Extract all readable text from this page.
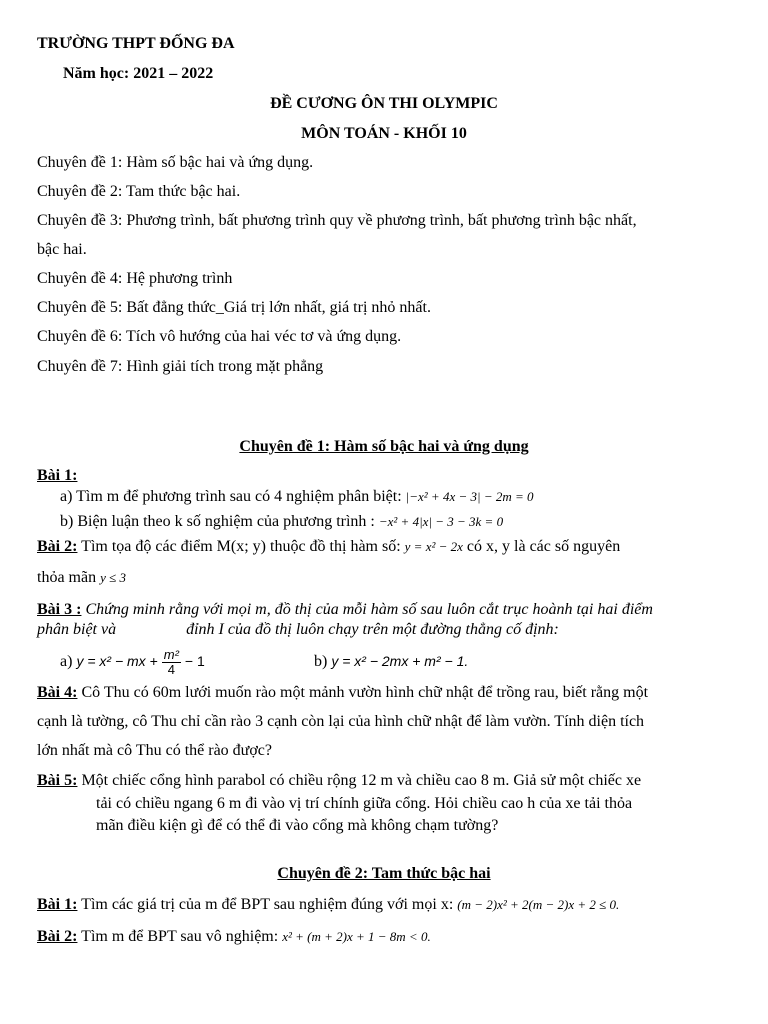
TRƯỜNG THPT ĐỐNG ĐA
Năm học: 2021 – 2022
ĐỀ CƯƠNG ÔN THI OLYMPIC
MÔN TOÁN - KHỐI 10
Chuyên đề 1: Hàm số bậc hai và ứng dụng.
Chuyên đề 2: Tam thức bậc hai.
Chuyên đề 3: Phương trình, bất phương trình quy về phương trình, bất phương trình bậc nhất,
bậc hai.
Chuyên đề 4: Hệ phương trình
Chuyên đề 5: Bất đẳng thức_Giá trị lớn nhất, giá trị nhỏ nhất.
Chuyên đề 6: Tích vô hướng của hai véc tơ và ứng dụng.
Chuyên đề 7: Hình giải tích trong mặt phẳng
Chuyên đề 1: Hàm số bậc hai và ứng dụng
Bài 1:
a) Tìm m để phương trình sau có 4 nghiệm phân biệt: |−x² + 4x − 3| − 2m = 0
b) Biện luận theo k số nghiệm của phương trình : −x² + 4|x| − 3 − 3k = 0
Bài 2: Tìm tọa độ các điểm M(x; y) thuộc đồ thị hàm số: y = x² − 2x có x, y là các số nguyên
thỏa mãn y ≤ 3
Bài 3 : Chứng minh rằng với mọi m, đồ thị của mỗi hàm số sau luôn cắt trục hoành tại hai điểm
phân biệt và	đỉnh I của đồ thị luôn chạy trên một đường thẳng cố định:
a) y = x² − mx + $\frac{\text{m²}}{4} - 1$	b) y = x² − 2mx + m² − 1.
Bài 4: Cô Thu có 60m lưới muốn rào một mảnh vườn hình chữ nhật để trồng rau, biết rằng một
cạnh là tường, cô Thu chỉ cần rào 3 cạnh còn lại của hình chữ nhật để làm vườn. Tính diện tích
lớn nhất mà cô Thu có thể rào được?
Bài 5: Một chiếc cổng hình parabol có chiều rộng 12 m và chiều cao 8 m. Giả sử một chiếc xe
tải có chiều ngang 6 m đi vào vị trí chính giữa cổng. Hỏi chiều cao h của xe tải thỏa
mãn điều kiện gì để có thể đi vào cổng mà không chạm tường?
Chuyên đề 2: Tam thức bậc hai
Bài 1: Tìm các giá trị của m để BPT sau nghiệm đúng với mọi x: (m − 2)x² + 2(m − 2)x + 2 ≤ 0.
Bài 2: Tìm m để BPT sau vô nghiệm: x² + (m + 2)x + 1 − 8m < 0.
